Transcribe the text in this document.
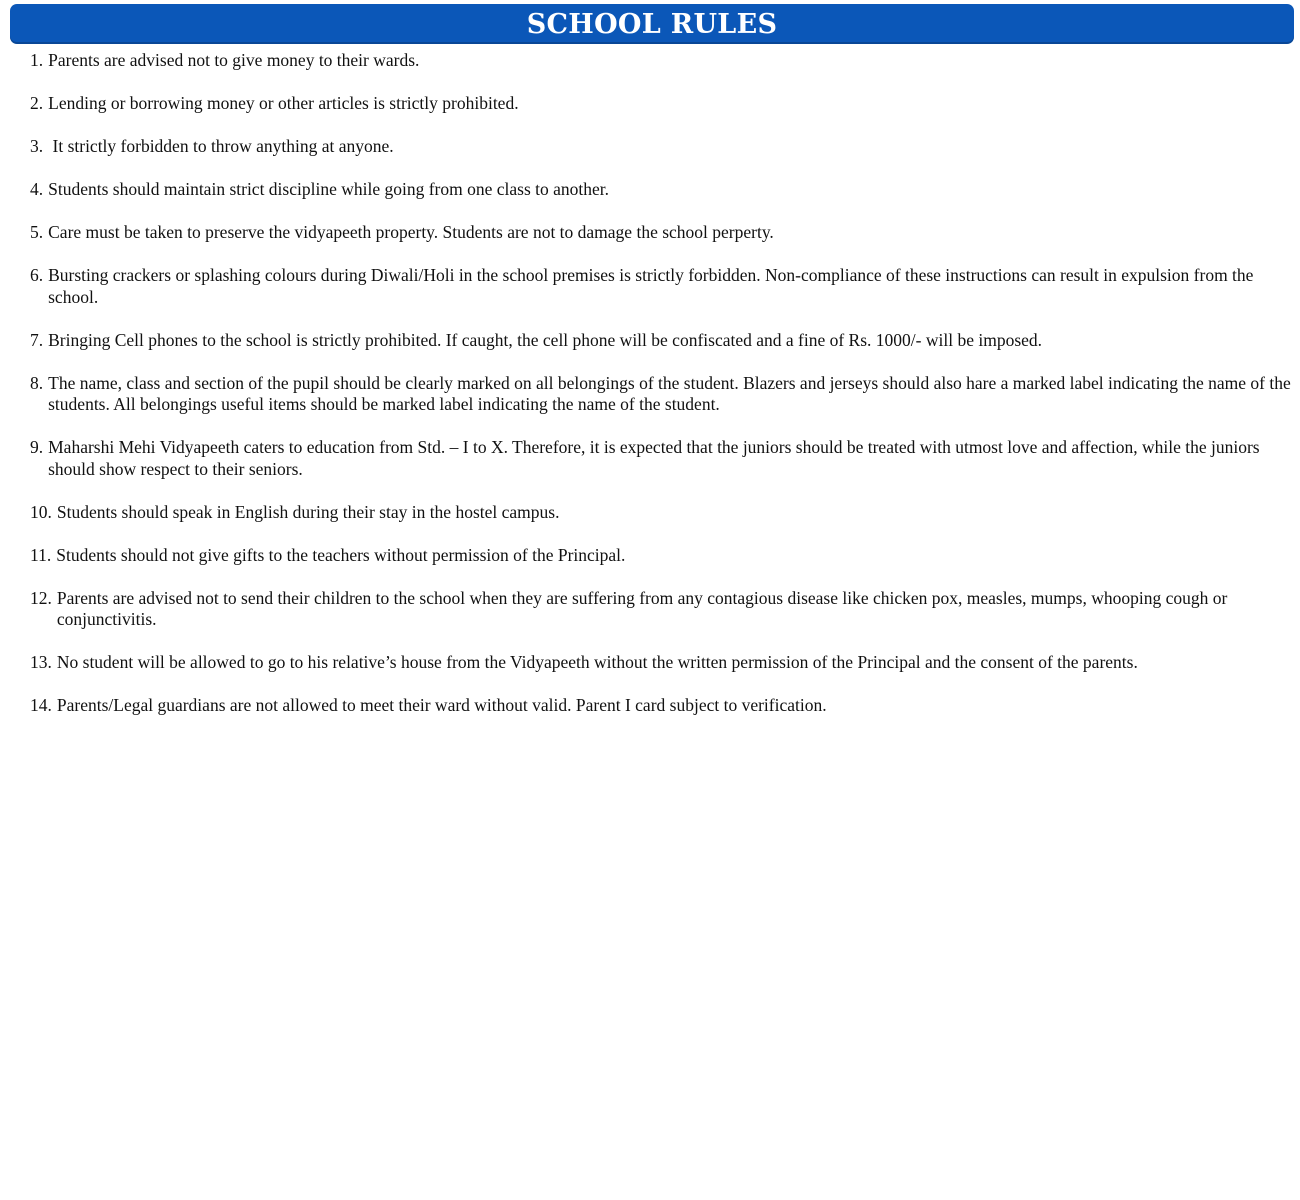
SCHOOL RULES
1. Parents are advised not to give money to their wards.
2. Lending or borrowing money or other articles is strictly prohibited.
3. It strictly forbidden to throw anything at anyone.
4. Students should maintain strict discipline while going from one class to another.
5. Care must be taken to preserve the vidyapeeth property. Students are not to damage the school perperty.
6. Bursting crackers or splashing colours during Diwali/Holi in the school premises is strictly forbidden. Non-compliance of these instructions can result in expulsion from the school.
7. Bringing Cell phones to the school is strictly prohibited. If caught, the cell phone will be confiscated and a fine of Rs. 1000/- will be imposed.
8. The name, class and section of the pupil should be clearly marked on all belongings of the student. Blazers and jerseys should also hare a marked label indicating the name of the students. All belongings useful items should be marked label indicating the name of the student.
9. Maharshi Mehi Vidyapeeth caters to education from Std. – I to X. Therefore, it is expected that the juniors should be treated with utmost love and affection, while the juniors should show respect to their seniors.
10. Students should speak in English during their stay in the hostel campus.
11. Students should not give gifts to the teachers without permission of the Principal.
12. Parents are advised not to send their children to the school when they are suffering from any contagious disease like chicken pox, measles, mumps, whooping cough or conjunctivitis.
13. No student will be allowed to go to his relative’s house from the Vidyapeeth without the written permission of the Principal and the consent of the parents.
14. Parents/Legal guardians are not allowed to meet their ward without valid. Parent I card subject to verification.
